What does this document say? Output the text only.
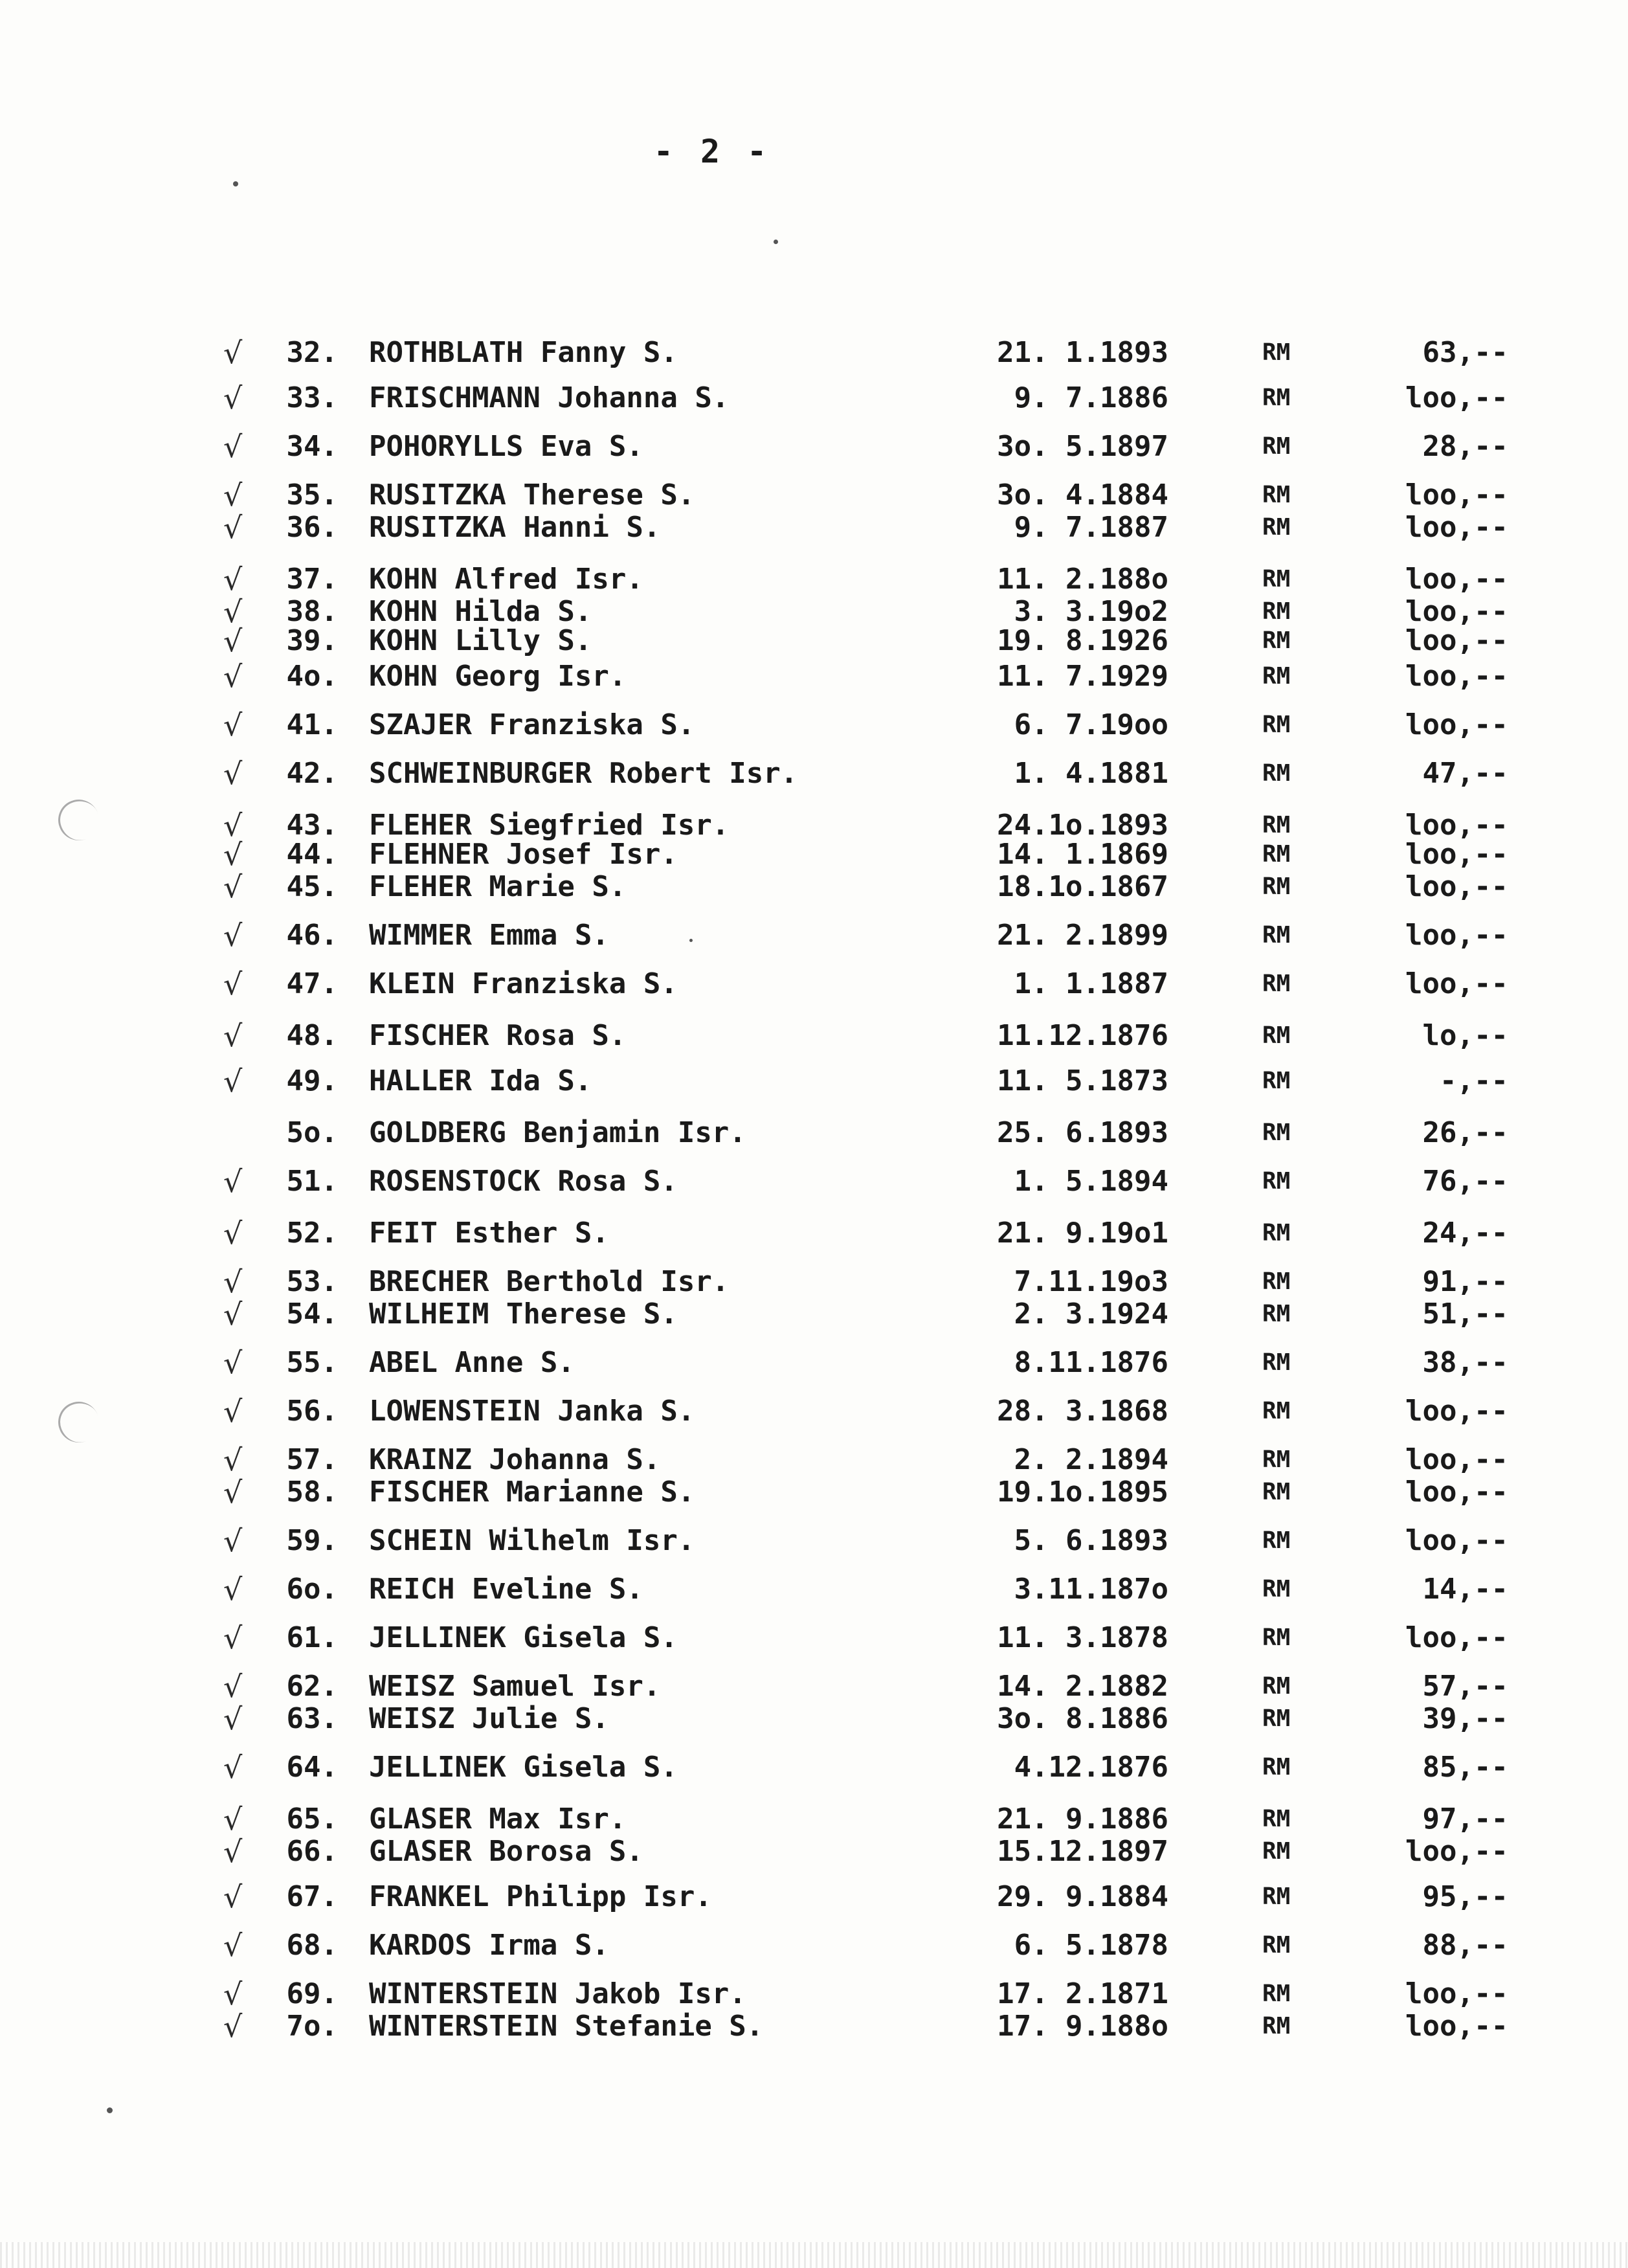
- 2 -
√	32. ROTHBLATH Fanny S.	21. 1.1893	RM	63,--
√	33. FRISCHMANN Johanna S.	9. 7.1886	RM	loo,--
√	34. POHORYLLS Eva S.	3o. 5.1897	RM	28,--
√	35. RUSITZKA Therese S.	3o. 4.1884	RM	loo,--
√	36. RUSITZKA Hanni S.	9. 7.1887	RM	loo,--
√	37. KOHN Alfred Isr.	11. 2.188o	RM	loo,--
√	38. KOHN Hilda S.	3. 3.19o2	RM	loo,--
√	39. KOHN Lilly S.	19. 8.1926	RM	loo,--
√	4o. KOHN Georg Isr.	11. 7.1929	RM	loo,--
√	41. SZAJER Franziska S.	6. 7.19oo	RM	loo,--
√	42. SCHWEINBURGER Robert Isr.	1. 4.1881	RM	47,--
√	43. FLEHER Siegfried Isr.	24.1o.1893	RM	loo,--
√	44. FLEHNER Josef Isr.	14. 1.1869	RM	loo,--
√	45. FLEHER Marie S.	18.1o.1867	RM	loo,--
√	46. WIMMER Emma S.	21. 2.1899	RM	loo,--
√	47. KLEIN Franziska S.	1. 1.1887	RM	loo,--
√	48. FISCHER Rosa S.	11.12.1876	RM	lo,--
√	49. HALLER Ida S.	11. 5.1873	RM	-,--
5o. GOLDBERG Benjamin Isr.	25. 6.1893	RM	26,--
√	51. ROSENSTOCK Rosa S.	1. 5.1894	RM	76,--
√	52. FEIT Esther S.	21. 9.19o1	RM	24,--
√	53. BRECHER Berthold Isr.	7.11.19o3	RM	91,--
√	54. WILHEIM Therese S.	2. 3.1924	RM	51,--
√	55. ABEL Anne S.	8.11.1876	RM	38,--
√	56. LOWENSTEIN Janka S.	28. 3.1868	RM	loo,--
√	57. KRAINZ Johanna S.	2. 2.1894	RM	loo,--
√	58. FISCHER Marianne S.	19.1o.1895	RM	loo,--
√	59. SCHEIN Wilhelm Isr.	5. 6.1893	RM	loo,--
√	6o. REICH Eveline S.	3.11.187o	RM	14,--
√	61. JELLINEK Gisela S.	11. 3.1878	RM	loo,--
√	62. WEISZ Samuel Isr.	14. 2.1882	RM	57,--
√	63. WEISZ Julie S.	3o. 8.1886	RM	39,--
√	64. JELLINEK Gisela S.	4.12.1876	RM	85,--
√	65. GLASER Max Isr.	21. 9.1886	RM	97,--
√	66. GLASER Borosa S.	15.12.1897	RM	loo,--
√	67. FRANKEL Philipp Isr.	29. 9.1884	RM	95,--
√	68. KARDOS Irma S.	6. 5.1878	RM	88,--
√	69. WINTERSTEIN Jakob Isr.	17. 2.1871	RM	loo,--
√	7o. WINTERSTEIN Stefanie S.	17. 9.188o	RM	loo,--
